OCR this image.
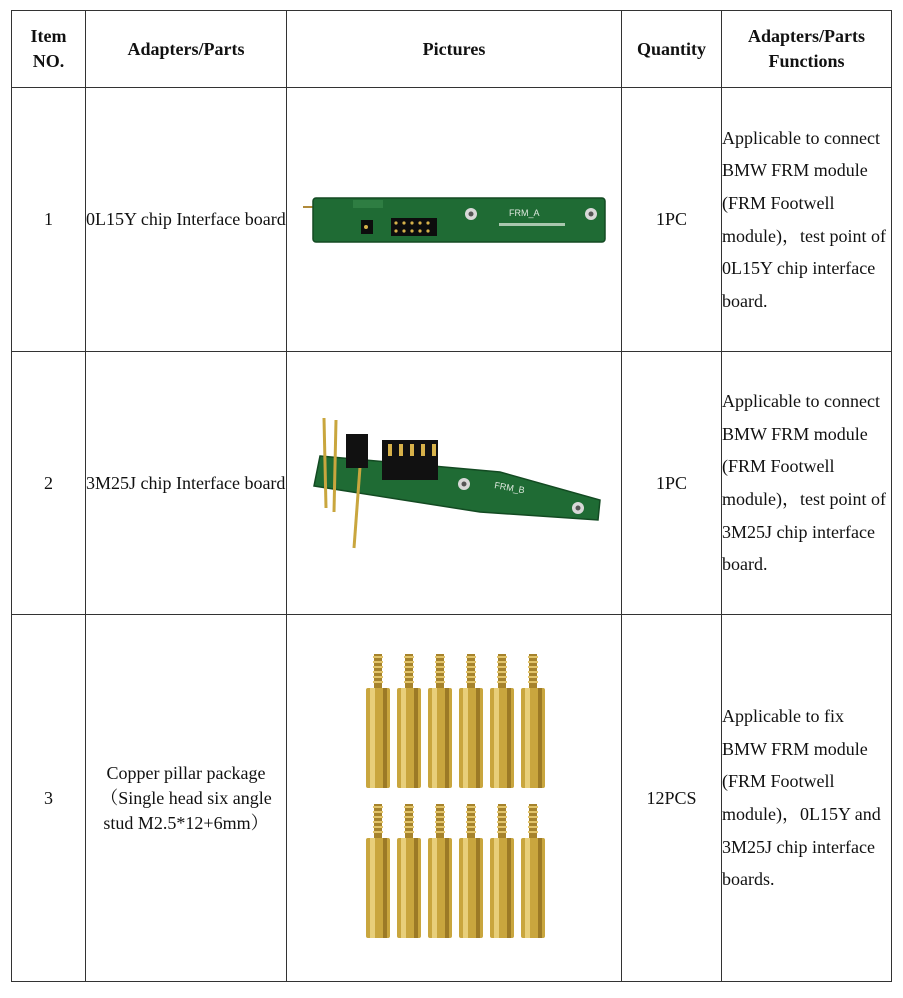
Item NO.	Adapters/Parts	Pictures	Quantity	Adapters/Parts Functions
1	0L15Y chip Interface board	FRM_A	1PC	Applicable to connect BMW FRM module (FRM Footwell module)，test point of 0L15Y chip interface board.
2	3M25J chip Interface board	FRM_B	1PC	Applicable to connect BMW FRM module (FRM Footwell module)，test point of 3M25J chip interface board.
3	Copper pillar package（Single head six angle stud M2.5*12+6mm）		12PCS	Applicable to fix BMW FRM module (FRM Footwell module)，0L15Y and 3M25J chip interface boards.
